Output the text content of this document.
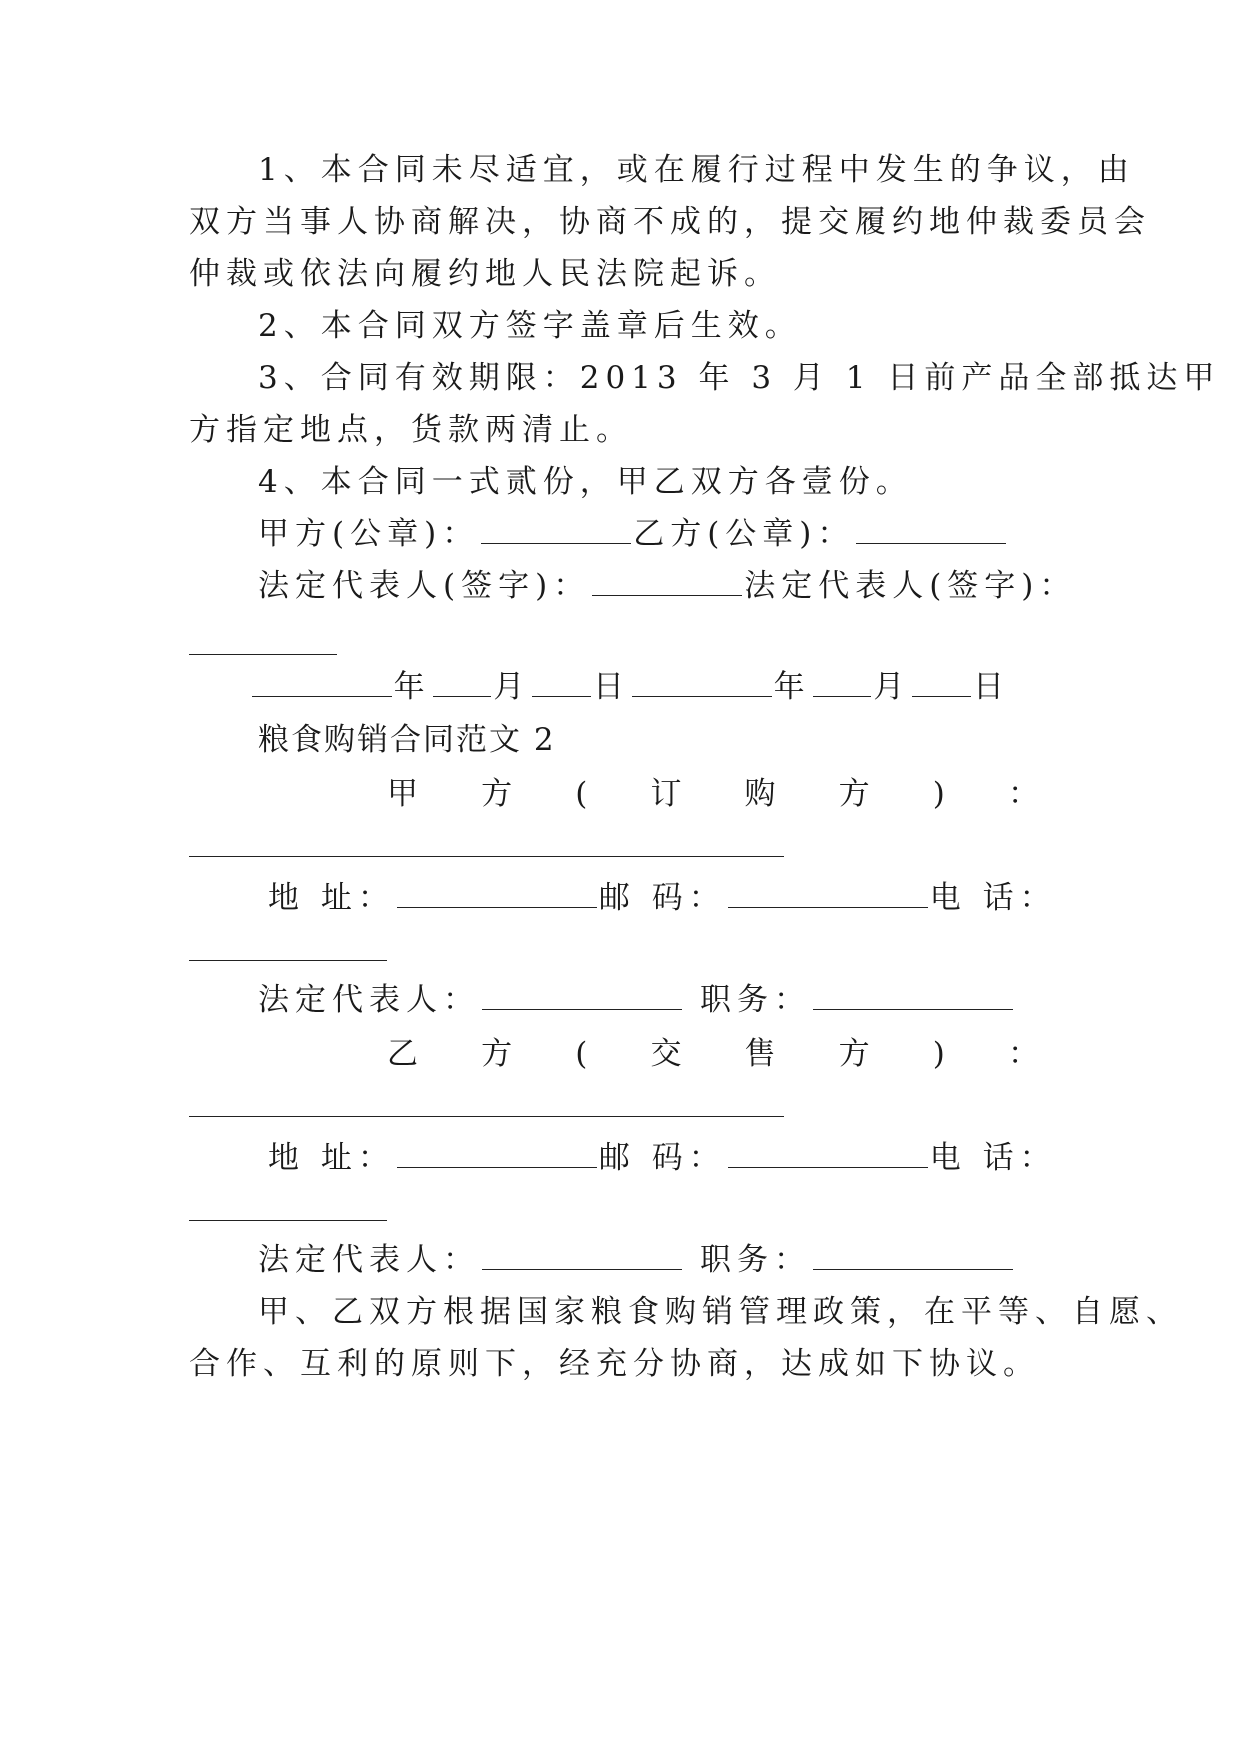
1、本合同未尽适宜，或在履行过程中发生的争议，由
双方当事人协商解决，协商不成的，提交履约地仲裁委员会
仲裁或依法向履约地人民法院起诉。
2、本合同双方签字盖章后生效。
3、合同有效期限：2013 年 3 月 1 日前产品全部抵达甲
方指定地点，货款两清止。
4、本合同一式贰份，甲乙双方各壹份。
甲方(公章)：	乙方(公章)：
法定代表人(签字)：	法定代表人(签字)：
年 月 日	年 月 日
粮食购销合同范文 2
甲 方 ( 订 购 方 ) ：
地 址：	邮 码：	电 话：
法定代表人：	职务：
乙 方 ( 交 售 方 ) ：
地 址：	邮 码：	电 话：
法定代表人：	职务：
甲、乙双方根据国家粮食购销管理政策，在平等、自愿、
合作、互利的原则下，经充分协商，达成如下协议。
